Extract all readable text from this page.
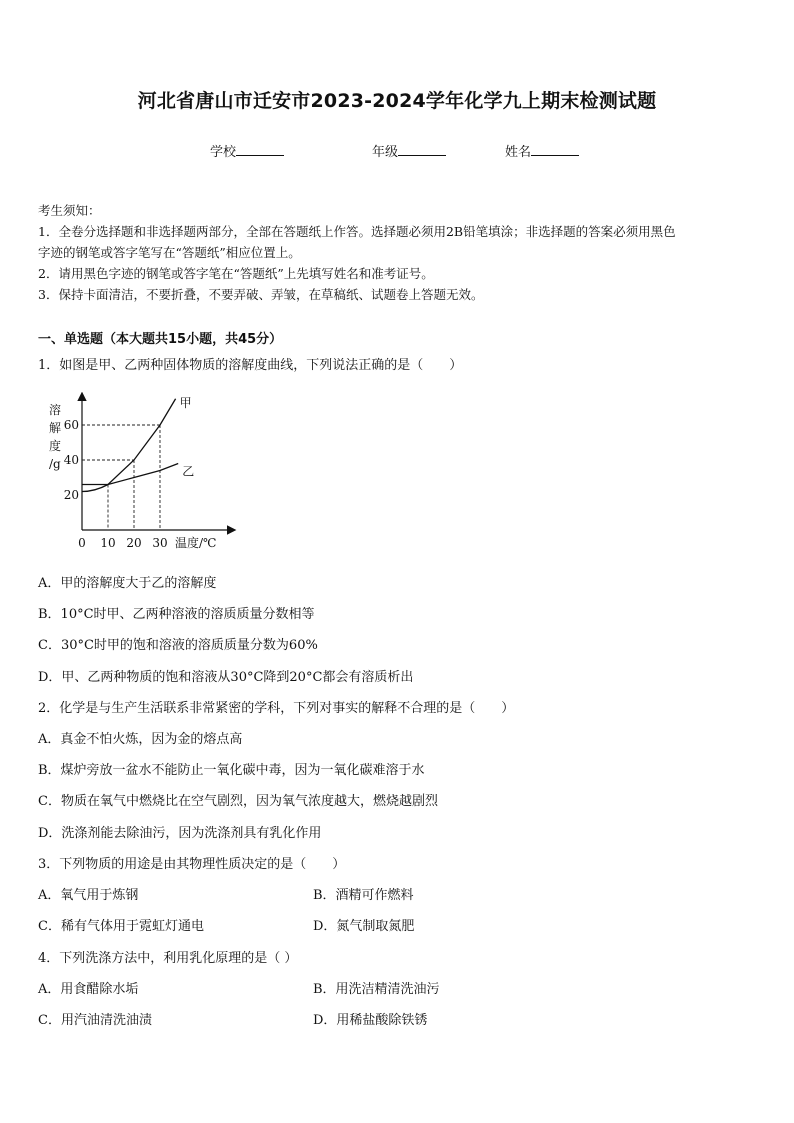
河北省唐山市迁安市2023-2024学年化学九上期末检测试题
学校	年级	姓名
考生须知：
1．全卷分选择题和非选择题两部分，全部在答题纸上作答。选择题必须用2B铅笔填涂；非选择题的答案必须用黑色
字迹的钢笔或答字笔写在“答题纸”相应位置上。
2．请用黑色字迹的钢笔或答字笔在“答题纸”上先填写姓名和准考证号。
3．保持卡面清洁，不要折叠，不要弄破、弄皱，在草稿纸、试题卷上答题无效。
一、单选题（本大题共15小题，共45分）
1．如图是甲、乙两种固体物质的溶解度曲线，下列说法正确的是（　　）
溶
解
度
/g
0 10 20 30
20
40
60
温度/℃
甲
乙
A．甲的溶解度大于乙的溶解度
B．10°C时甲、乙两种溶液的溶质质量分数相等
C．30°C时甲的饱和溶液的溶质质量分数为60%
D．甲、乙两种物质的饱和溶液从30°C降到20°C都会有溶质析出
2．化学是与生产生活联系非常紧密的学科，下列对事实的解释不合理的是（　　）
A．真金不怕火炼，因为金的熔点高
B．煤炉旁放一盆水不能防止一氧化碳中毒，因为一氧化碳难溶于水
C．物质在氧气中燃烧比在空气剧烈，因为氧气浓度越大，燃烧越剧烈
D．洗涤剂能去除油污，因为洗涤剂具有乳化作用
3．下列物质的用途是由其物理性质决定的是（　　）
A．氧气用于炼钢	B．酒精可作燃料
C．稀有气体用于霓虹灯通电	D．氮气制取氮肥
4．下列洗涤方法中，利用乳化原理的是（ ）
A．用食醋除水垢	B．用洗洁精清洗油污
C．用汽油清洗油渍	D．用稀盐酸除铁锈
